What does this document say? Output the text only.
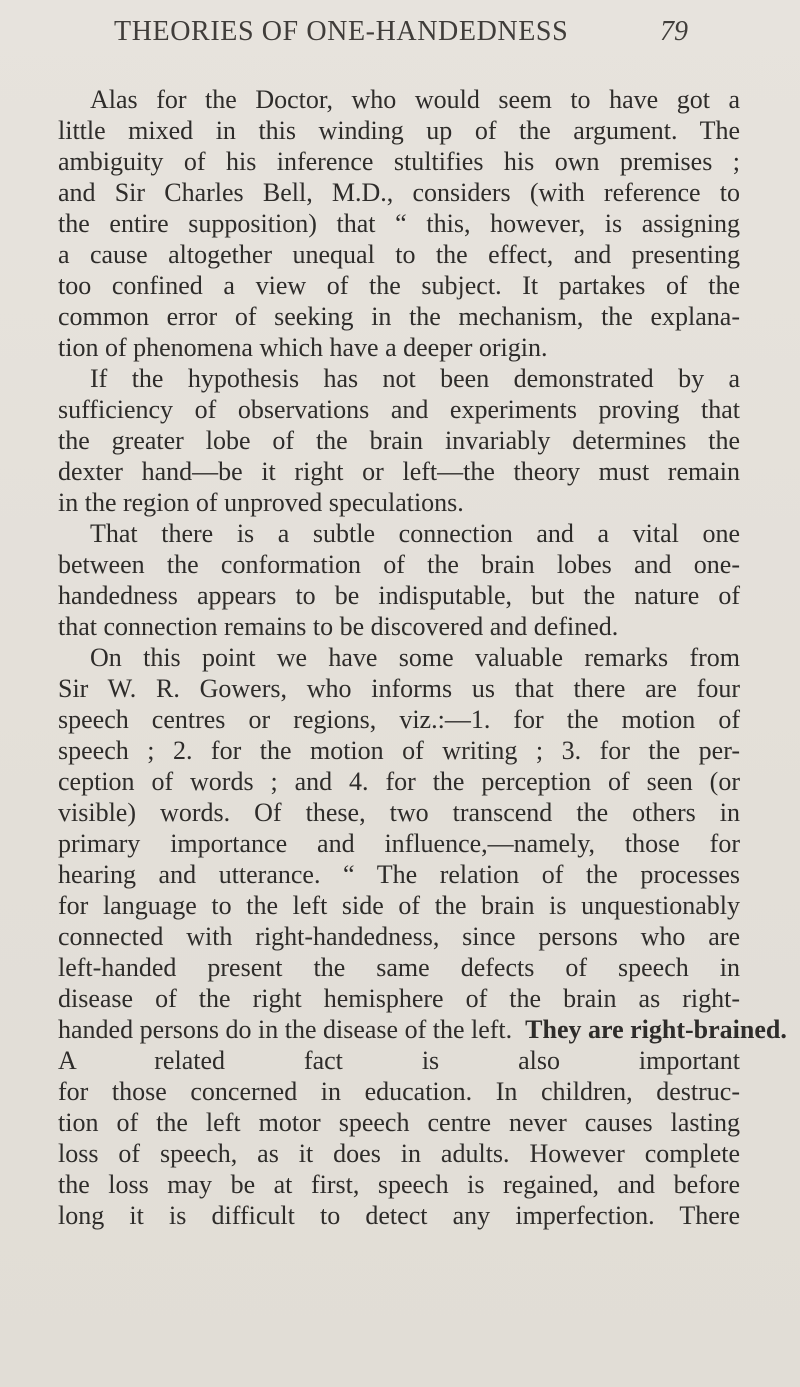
THEORIES OF ONE-HANDEDNESS	79
Alas for the Doctor, who would seem to have got a
little mixed in this winding up of the argument. The
ambiguity of his inference stultifies his own premises ;
and Sir Charles Bell, M.D., considers (with reference to
the entire supposition) that “ this, however, is assigning
a cause altogether unequal to the effect, and presenting
too confined a view of the subject. It partakes of the
common error of seeking in the mechanism, the explana-
tion of phenomena which have a deeper origin.
If the hypothesis has not been demonstrated by a
sufficiency of observations and experiments proving that
the greater lobe of the brain invariably determines the
dexter hand—be it right or left—the theory must remain
in the region of unproved speculations.
That there is a subtle connection and a vital one
between the conformation of the brain lobes and one-
handedness appears to be indisputable, but the nature of
that connection remains to be discovered and defined.
On this point we have some valuable remarks from
Sir W. R. Gowers, who informs us that there are four
speech centres or regions, viz.:—1. for the motion of
speech ; 2. for the motion of writing ; 3. for the per-
ception of words ; and 4. for the perception of seen (or
visible) words. Of these, two transcend the others in
primary importance and influence,—namely, those for
hearing and utterance. “ The relation of the processes
for language to the left side of the brain is unquestionably
connected with right-handedness, since persons who are
left-handed present the same defects of speech in
disease of the right hemisphere of the brain as right-
handed persons do in the disease of the left. They are right-brained.
A related fact is also important
for those concerned in education. In children, destruc-
tion of the left motor speech centre never causes lasting
loss of speech, as it does in adults. However complete
the loss may be at first, speech is regained, and before
long it is difficult to detect any imperfection. There
